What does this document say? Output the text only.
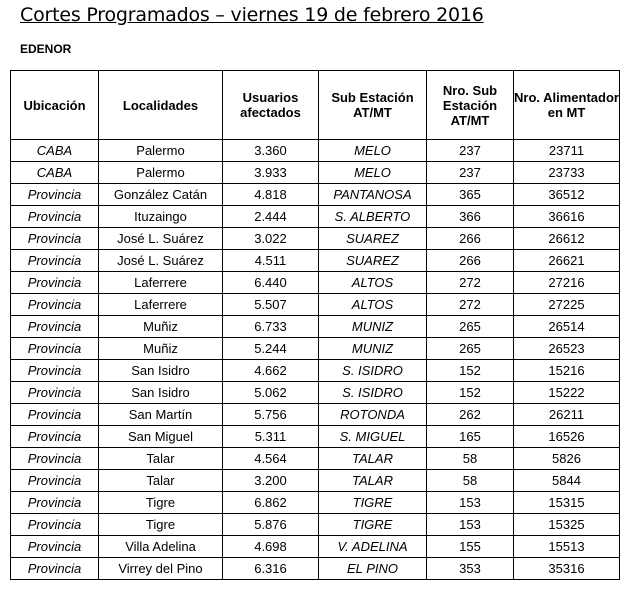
Cortes Programados – viernes 19 de febrero 2016
EDENOR
Ubicación	Localidades	Usuarios afectados	Sub Estación AT/MT	Nro. Sub Estación AT/MT	Nro. Alimentador en MT
CABA	Palermo	3.360	MELO	237	23711
CABA	Palermo	3.933	MELO	237	23733
Provincia	González Catán	4.818	PANTANOSA	365	36512
Provincia	Ituzaingo	2.444	S. ALBERTO	366	36616
Provincia	José L. Suárez	3.022	SUAREZ	266	26612
Provincia	José L. Suárez	4.511	SUAREZ	266	26621
Provincia	Laferrere	6.440	ALTOS	272	27216
Provincia	Laferrere	5.507	ALTOS	272	27225
Provincia	Muñiz	6.733	MUNIZ	265	26514
Provincia	Muñiz	5.244	MUNIZ	265	26523
Provincia	San Isidro	4.662	S. ISIDRO	152	15216
Provincia	San Isidro	5.062	S. ISIDRO	152	15222
Provincia	San Martín	5.756	ROTONDA	262	26211
Provincia	San Miguel	5.311	S. MIGUEL	165	16526
Provincia	Talar	4.564	TALAR	58	5826
Provincia	Talar	3.200	TALAR	58	5844
Provincia	Tigre	6.862	TIGRE	153	15315
Provincia	Tigre	5.876	TIGRE	153	15325
Provincia	Villa Adelina	4.698	V. ADELINA	155	15513
Provincia	Virrey del Pino	6.316	EL PINO	353	35316
